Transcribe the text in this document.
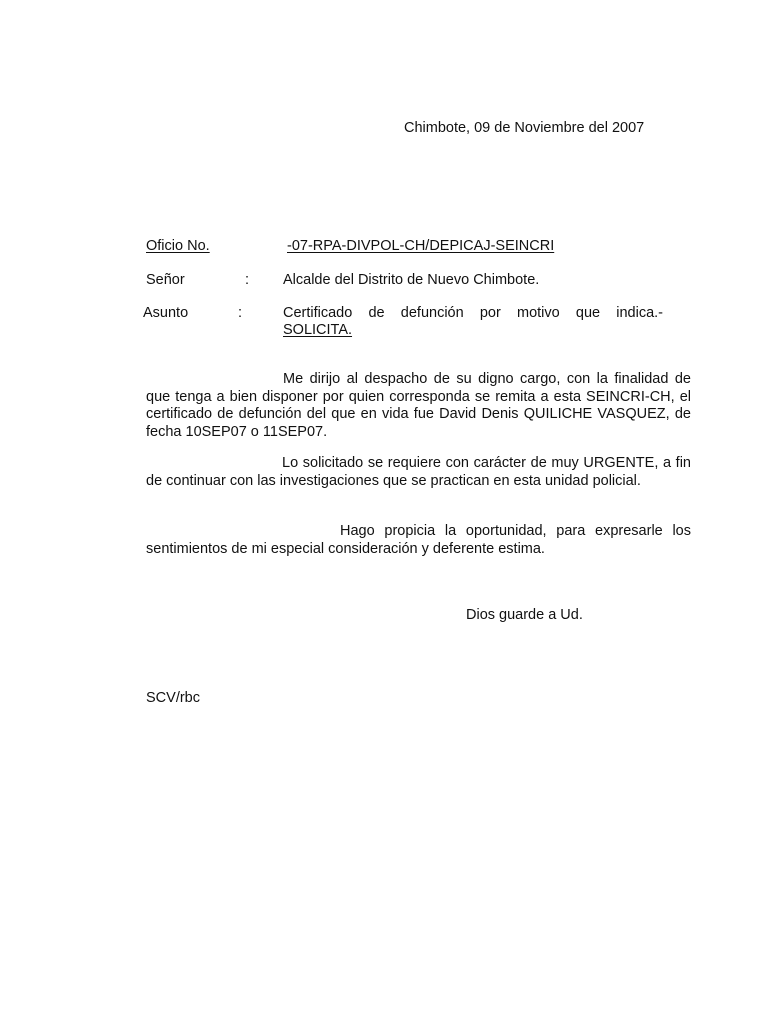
Chimbote, 09 de Noviembre del 2007
Oficio No.	-07-RPA-DIVPOL-CH/DEPICAJ-SEINCRI
Señor	: Alcalde del Distrito de Nuevo Chimbote.
Asunto	:	Certificado de defunción por motivo que indica.-
SOLICITA.
Me dirijo al despacho de su digno cargo, con la finalidad de que tenga a bien disponer por quien corresponda se remita a esta SEINCRI-CH, el certificado de defunción del que en vida fue David Denis QUILICHE VASQUEZ, de fecha 10SEP07 o 11SEP07.
Lo solicitado se requiere con carácter de muy URGENTE, a fin de continuar con las investigaciones que se practican en esta unidad policial.
Hago propicia la oportunidad, para expresarle los sentimientos de mi especial consideración y deferente estima.
Dios guarde a Ud.
SCV/rbc
